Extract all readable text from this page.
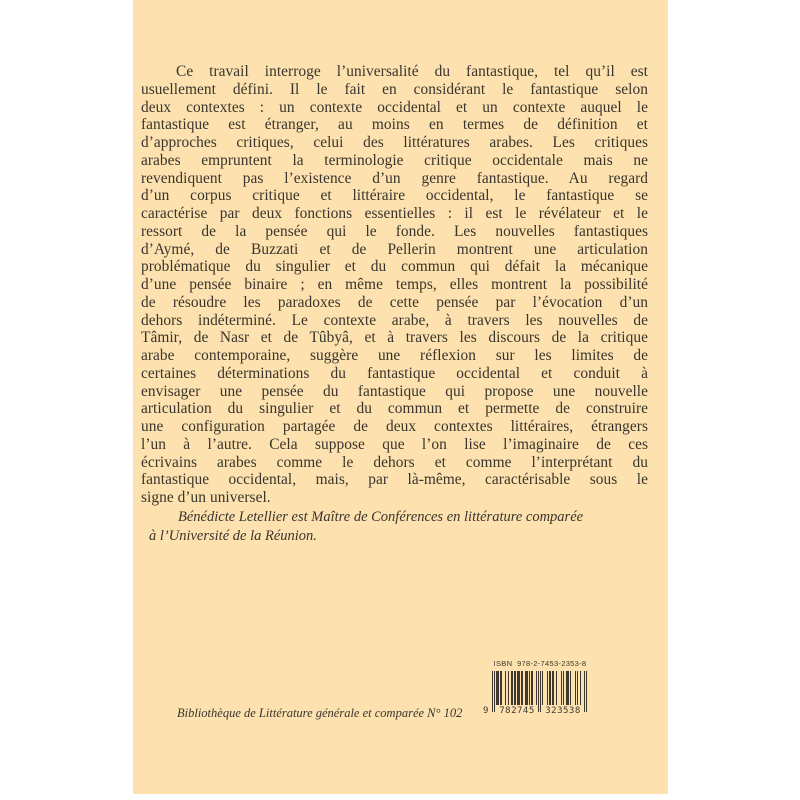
Ce travail interroge l’universalité du fantastique, tel qu’il est
usuellement défini. Il le fait en considérant le fantastique selon
deux contextes : un contexte occidental et un contexte auquel le
fantastique est étranger, au moins en termes de définition et
d’approches critiques, celui des littératures arabes. Les critiques
arabes empruntent la terminologie critique occidentale mais ne
revendiquent pas l’existence d’un genre fantastique. Au regard
d’un corpus critique et littéraire occidental, le fantastique se
caractérise par deux fonctions essentielles : il est le révélateur et le
ressort de la pensée qui le fonde. Les nouvelles fantastiques
d’Aymé, de Buzzati et de Pellerin montrent une articulation
problématique du singulier et du commun qui défait la mécanique
d’une pensée binaire ; en même temps, elles montrent la possibilité
de résoudre les paradoxes de cette pensée par l’évocation d’un
dehors indéterminé. Le contexte arabe, à travers les nouvelles de
Tâmir, de Nasr et de Tûbyâ, et à travers les discours de la critique
arabe contemporaine, suggère une réflexion sur les limites de
certaines déterminations du fantastique occidental et conduit à
envisager une pensée du fantastique qui propose une nouvelle
articulation du singulier et du commun et permette de construire
une configuration partagée de deux contextes littéraires, étrangers
l’un à l’autre. Cela suppose que l’on lise l’imaginaire de ces
écrivains arabes comme le dehors et comme l’interprétant du
fantastique occidental, mais, par là-même, caractérisable sous le
signe d’un universel.
Bénédicte Letellier est Maître de Conférences en littérature comparée
à l’Université de la Réunion.
Bibliothèque de Littérature générale et comparée N° 102
ISBN  978-2-7453-2353-8
9	782745	323538
